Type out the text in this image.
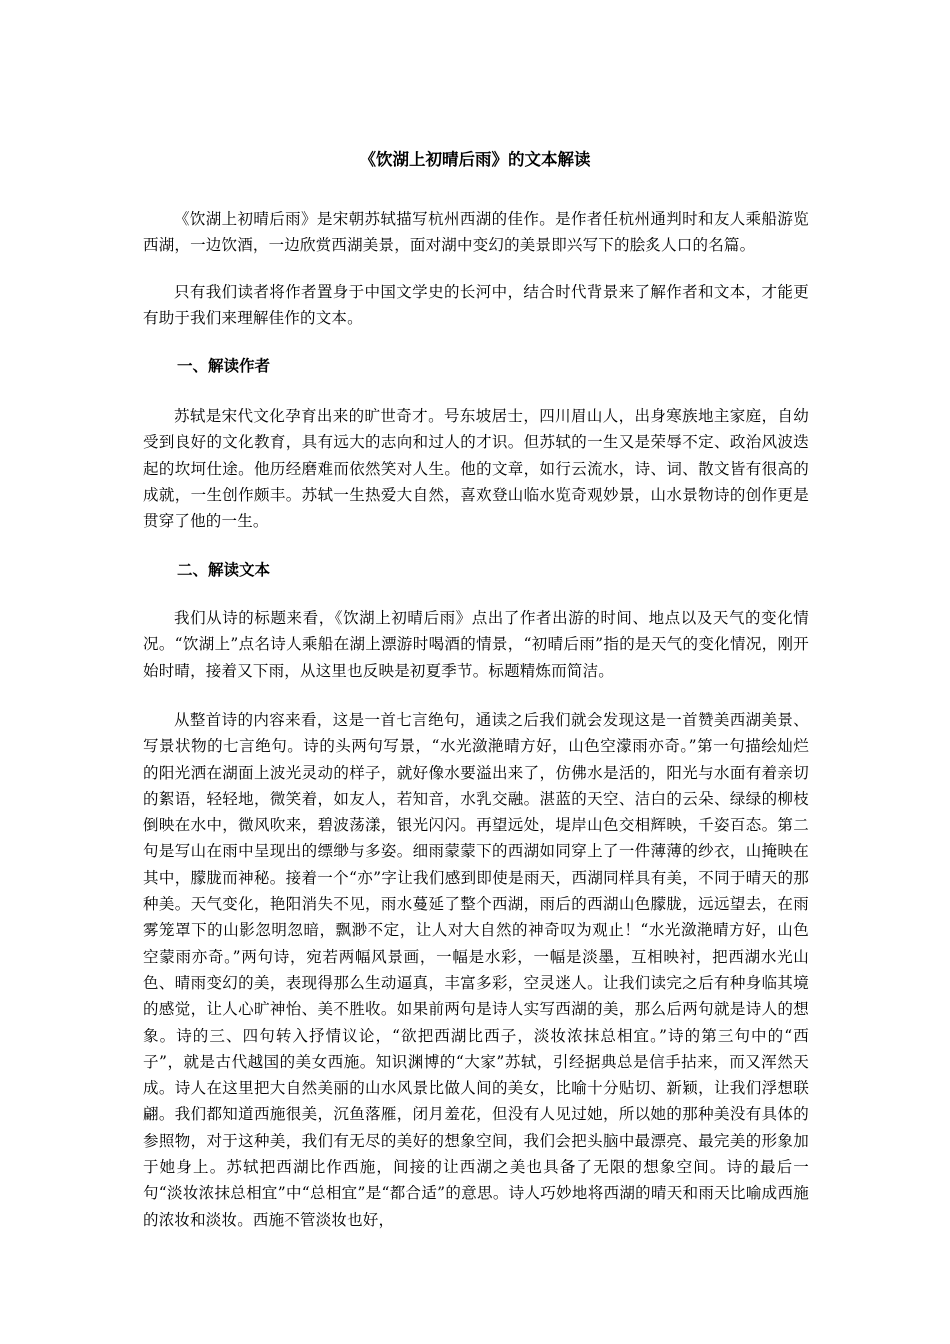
《饮湖上初晴后雨》的文本解读

《饮湖上初晴后雨》是宋朝苏轼描写杭州西湖的佳作。是作者任杭州通判时和友人乘船游览西湖，一边饮酒，一边欣赏西湖美景，面对湖中变幻的美景即兴写下的脍炙人口的名篇。

只有我们读者将作者置身于中国文学史的长河中，结合时代背景来了解作者和文本，才能更有助于我们来理解佳作的文本。

一、解读作者

苏轼是宋代文化孕育出来的旷世奇才。号东坡居士，四川眉山人，出身寒族地主家庭，自幼受到良好的文化教育，具有远大的志向和过人的才识。但苏轼的一生又是荣辱不定、政治风波迭起的坎坷仕途。他历经磨难而依然笑对人生。他的文章，如行云流水，诗、词、散文皆有很高的成就，一生创作颇丰。苏轼一生热爱大自然，喜欢登山临水览奇观妙景，山水景物诗的创作更是贯穿了他的一生。

二、解读文本

我们从诗的标题来看，《饮湖上初晴后雨》点出了作者出游的时间、地点以及天气的变化情况。“饮湖上”点名诗人乘船在湖上漂游时喝酒的情景，“初晴后雨”指的是天气的变化情况，刚开始时晴，接着又下雨，从这里也反映是初夏季节。标题精炼而简洁。

从整首诗的内容来看，这是一首七言绝句，通读之后我们就会发现这是一首赞美西湖美景、写景状物的七言绝句。诗的头两句写景，“水光潋滟晴方好，山色空濛雨亦奇。”第一句描绘灿烂的阳光洒在湖面上波光灵动的样子，就好像水要溢出来了，仿佛水是活的，阳光与水面有着亲切的絮语，轻轻地，微笑着，如友人，若知音，水乳交融。湛蓝的天空、洁白的云朵、绿绿的柳枝倒映在水中，微风吹来，碧波荡漾，银光闪闪。再望远处，堤岸山色交相辉映，千姿百态。第二句是写山在雨中呈现出的缥缈与多姿。细雨蒙蒙下的西湖如同穿上了一件薄薄的纱衣，山掩映在其中，朦胧而神秘。接着一个“亦”字让我们感到即使是雨天，西湖同样具有美，不同于晴天的那种美。天气变化，艳阳消失不见，雨水蔓延了整个西湖，雨后的西湖山色朦胧，远远望去，在雨雾笼罩下的山影忽明忽暗，飘渺不定，让人对大自然的神奇叹为观止！“水光潋滟晴方好，山色空蒙雨亦奇。”两句诗，宛若两幅风景画，一幅是水彩，一幅是淡墨，互相映衬，把西湖水光山色、晴雨变幻的美，表现得那么生动逼真，丰富多彩，空灵迷人。让我们读完之后有种身临其境的感觉，让人心旷神怡、美不胜收。如果前两句是诗人实写西湖的美，那么后两句就是诗人的想象。诗的三、四句转入抒情议论，“欲把西湖比西子，淡妆浓抹总相宜。”诗的第三句中的“西子”，就是古代越国的美女西施。知识渊博的“大家”苏轼，引经据典总是信手拈来，而又浑然天成。诗人在这里把大自然美丽的山水风景比做人间的美女，比喻十分贴切、新颖，让我们浮想联翩。我们都知道西施很美，沉鱼落雁，闭月羞花，但没有人见过她，所以她的那种美没有具体的参照物，对于这种美，我们有无尽的美好的想象空间，我们会把头脑中最漂亮、最完美的形象加于她身上。苏轼把西湖比作西施，间接的让西湖之美也具备了无限的想象空间。诗的最后一句“淡妆浓抹总相宜”中“总相宜”是“都合适”的意思。诗人巧妙地将西湖的晴天和雨天比喻成西施的浓妆和淡妆。西施不管淡妆也好，
